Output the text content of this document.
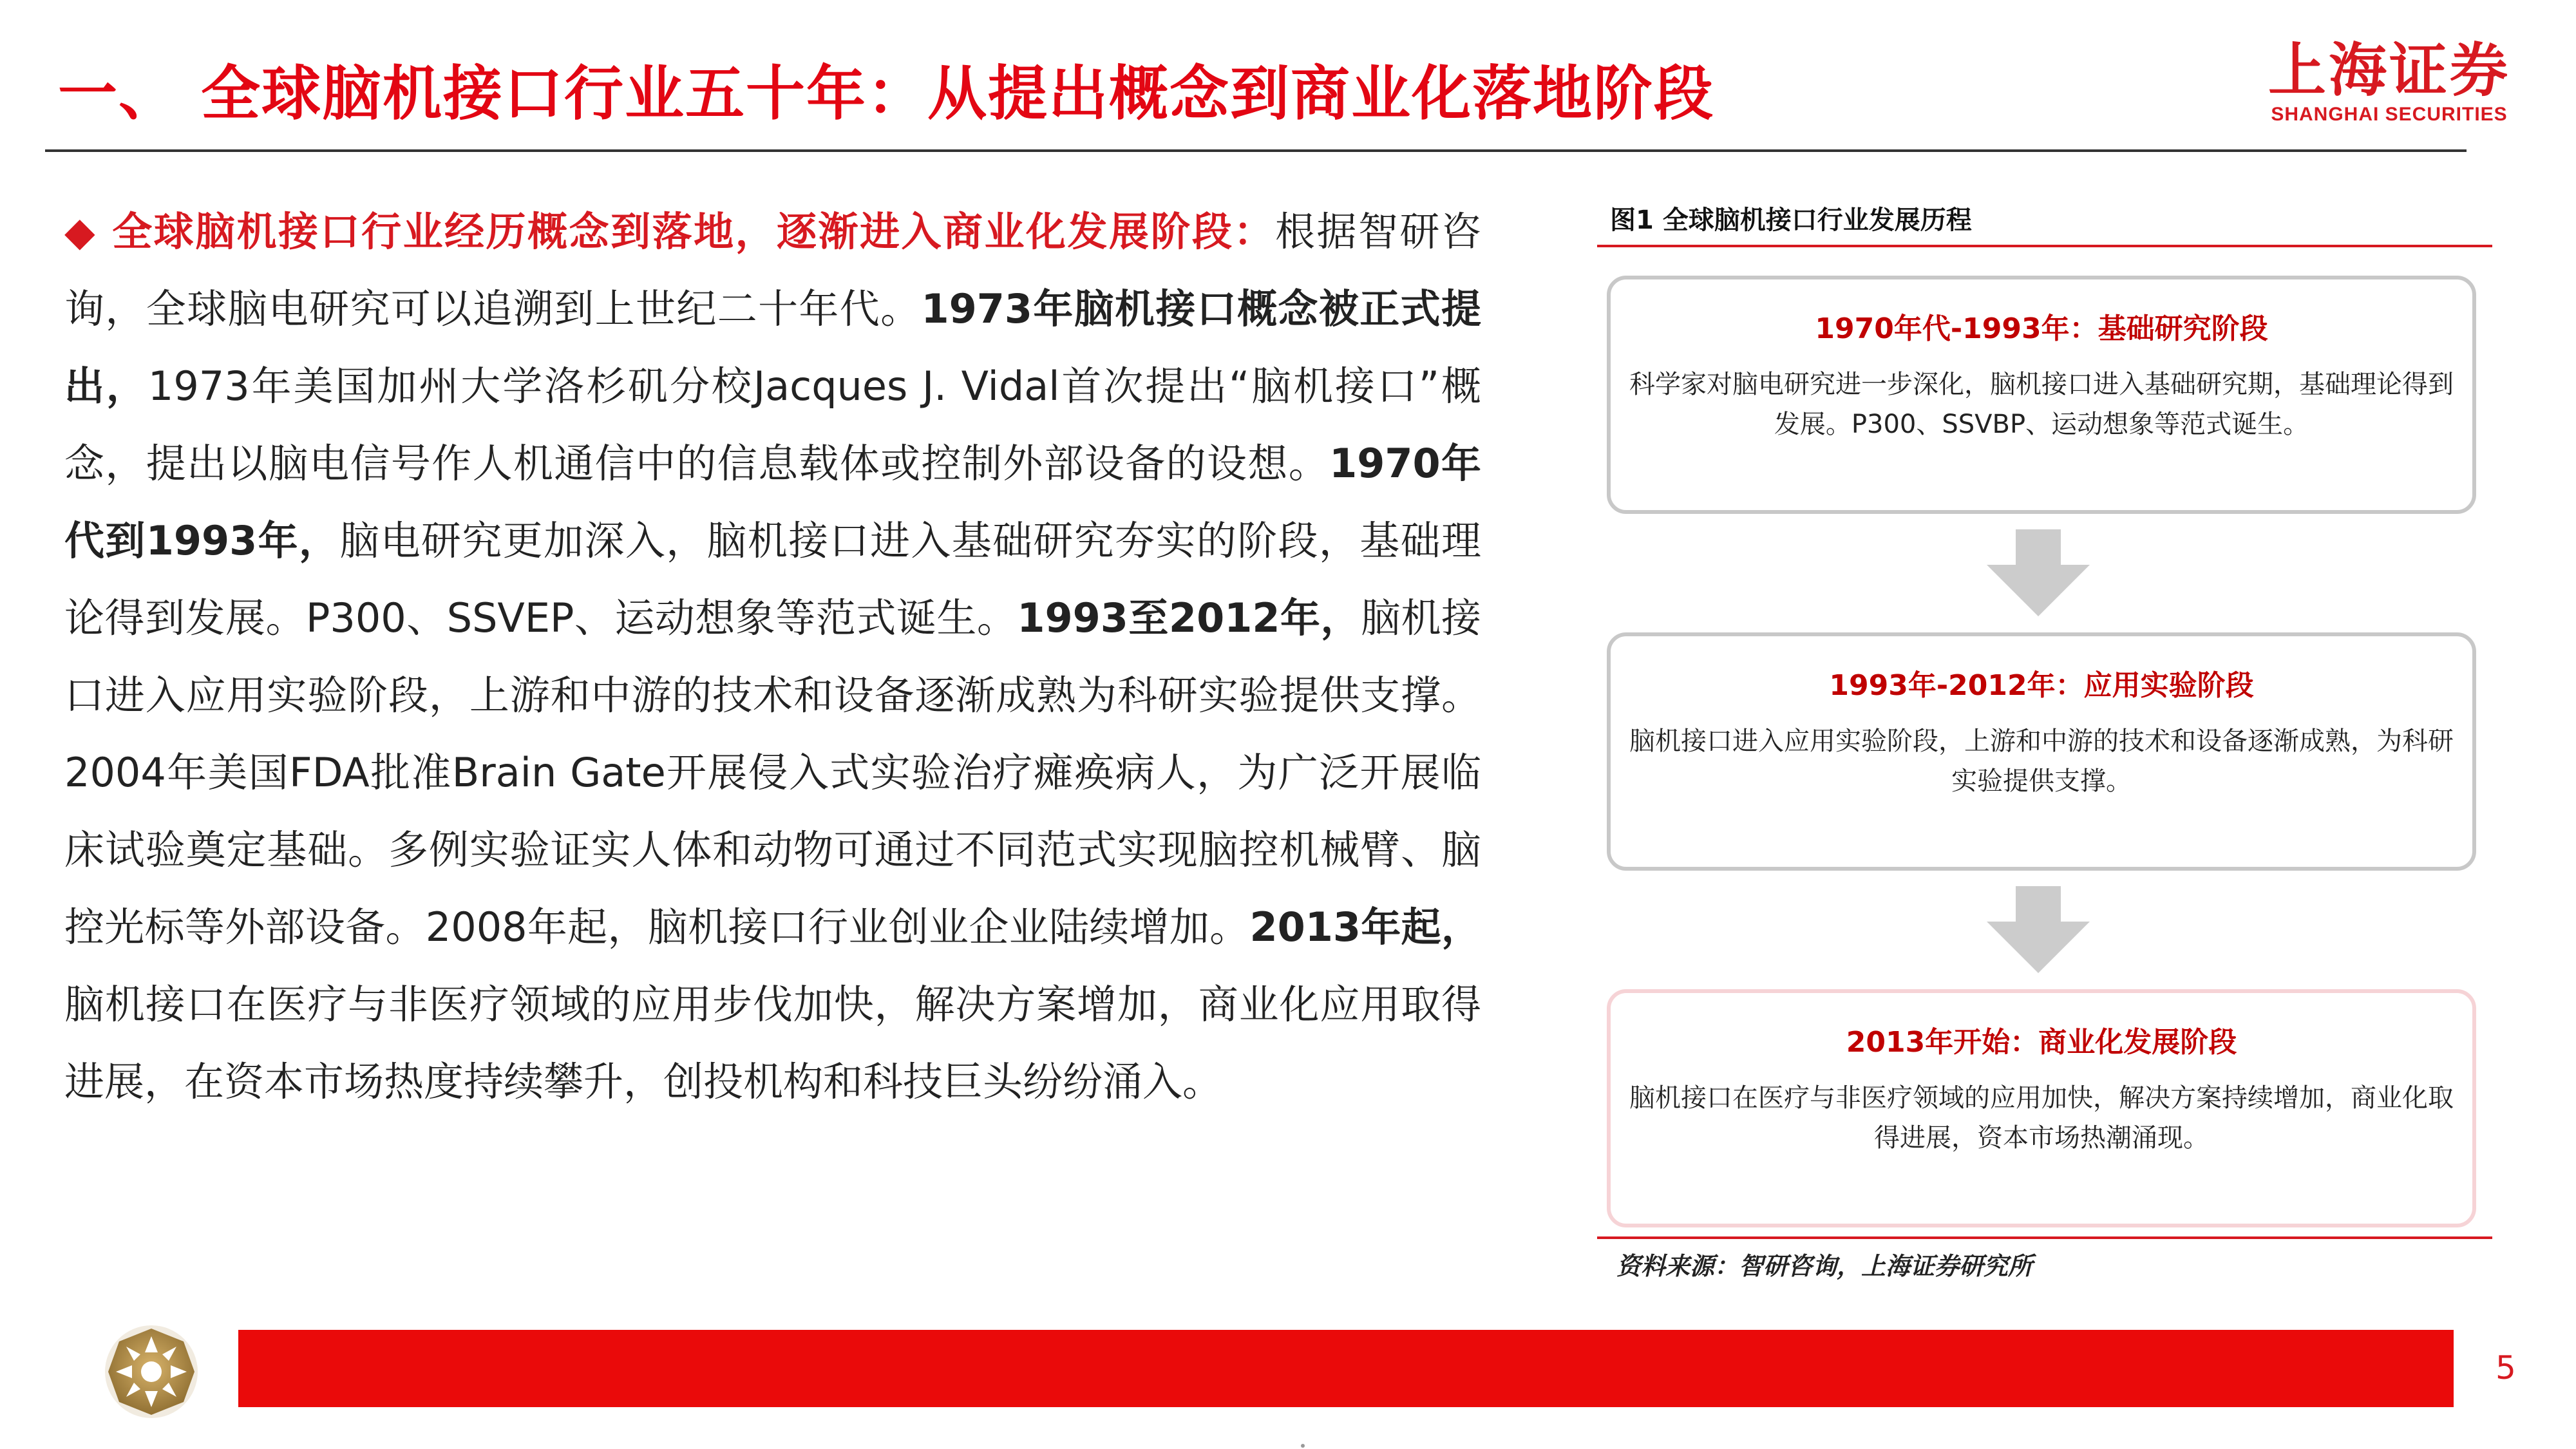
一、 全球脑机接口行业五十年：从提出概念到商业化落地阶段	上海证券
SHANGHAI SECURITIES
◆ 全球脑机接口行业经历概念到落地，逐渐进入商业化发展阶段：根据智研咨询，全球脑电研究可以追溯到上世纪二十年代。1973年脑机接口概念被正式提出，1973年美国加州大学洛杉矶分校Jacques J. Vidal首次提出“脑机接口”概念，提出以脑电信号作人机通信中的信息载体或控制外部设备的设想。1970年代到1993年，脑电研究更加深入，脑机接口进入基础研究夯实的阶段，基础理论得到发展。P300、SSVEP、运动想象等范式诞生。1993至2012年，脑机接口进入应用实验阶段，上游和中游的技术和设备逐渐成熟为科研实验提供支撑。2004年美国FDA批准Brain Gate开展侵入式实验治疗瘫痪病人，为广泛开展临床试验奠定基础。多例实验证实人体和动物可通过不同范式实现脑控机械臂、脑控光标等外部设备。2008年起，脑机接口行业创业企业陆续增加。2013年起，脑机接口在医疗与非医疗领域的应用步伐加快，解决方案增加，商业化应用取得进展，在资本市场热度持续攀升，创投机构和科技巨头纷纷涌入。
图1 全球脑机接口行业发展历程
1970年代-1993年：基础研究阶段
科学家对脑电研究进一步深化，脑机接口进入基础研究期，基础理论得到发展。P300、SSVBP、运动想象等范式诞生。
1993年-2012年：应用实验阶段
脑机接口进入应用实验阶段，上游和中游的技术和设备逐渐成熟，为科研实验提供支撑。
2013年开始：商业化发展阶段
脑机接口在医疗与非医疗领域的应用加快，解决方案持续增加，商业化取得进展，资本市场热潮涌现。
资料来源：智研咨询，上海证券研究所
5
